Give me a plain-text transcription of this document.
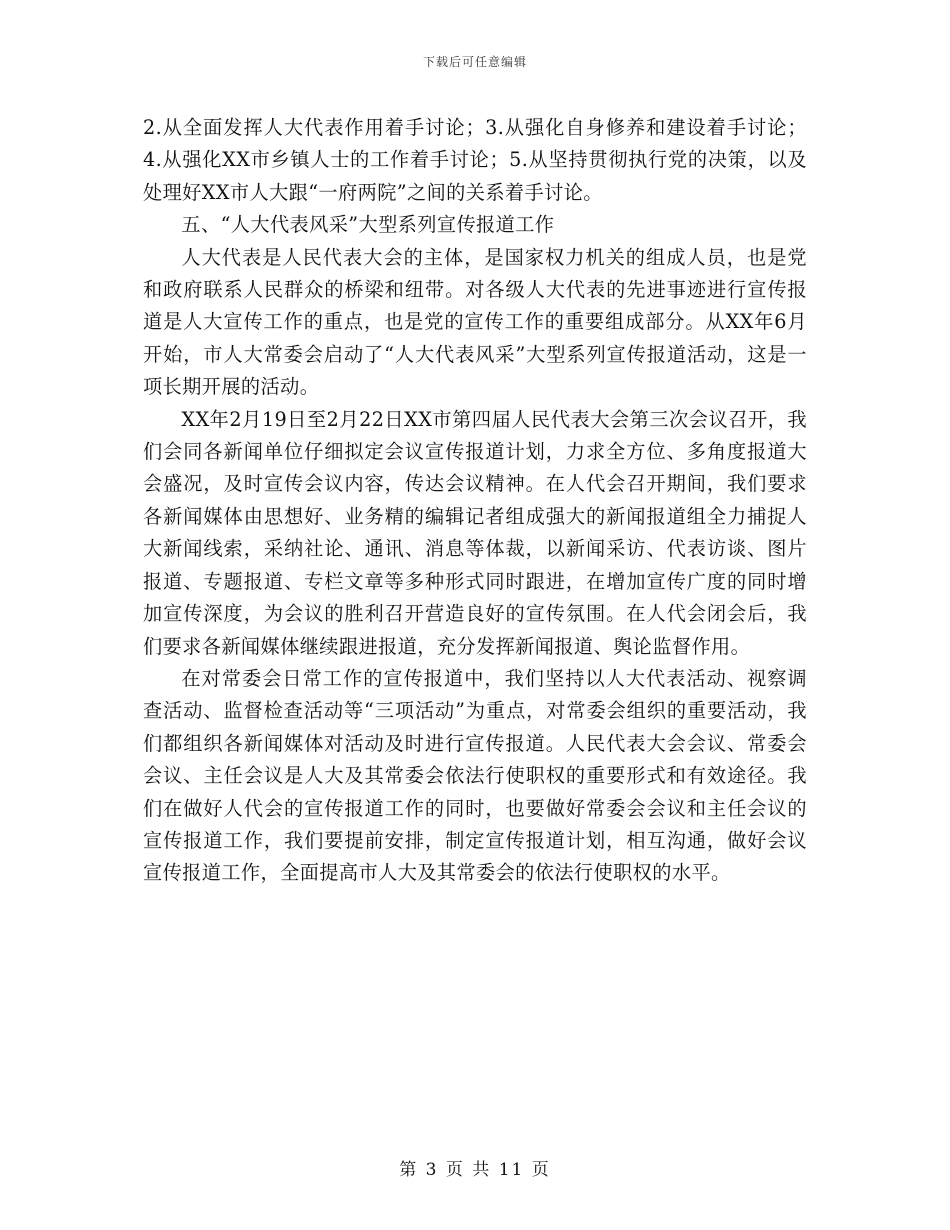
下载后可任意编辑

2.从全面发挥人大代表作用着手讨论；3.从强化自身修养和建设着手讨论；4.从强化XX市乡镇人士的工作着手讨论；5.从坚持贯彻执行党的决策，以及处理好XX市人大跟“一府两院”之间的关系着手讨论。

五、“人大代表风采”大型系列宣传报道工作

人大代表是人民代表大会的主体，是国家权力机关的组成人员，也是党和政府联系人民群众的桥梁和纽带。对各级人大代表的先进事迹进行宣传报道是人大宣传工作的重点，也是党的宣传工作的重要组成部分。从XX年6月开始，市人大常委会启动了“人大代表风采”大型系列宣传报道活动，这是一项长期开展的活动。

XX年2月19日至2月22日XX市第四届人民代表大会第三次会议召开，我们会同各新闻单位仔细拟定会议宣传报道计划，力求全方位、多角度报道大会盛况，及时宣传会议内容，传达会议精神。在人代会召开期间，我们要求各新闻媒体由思想好、业务精的编辑记者组成强大的新闻报道组全力捕捉人大新闻线索，采纳社论、通讯、消息等体裁，以新闻采访、代表访谈、图片报道、专题报道、专栏文章等多种形式同时跟进，在增加宣传广度的同时增加宣传深度，为会议的胜利召开营造良好的宣传氛围。在人代会闭会后，我们要求各新闻媒体继续跟进报道，充分发挥新闻报道、舆论监督作用。

在对常委会日常工作的宣传报道中，我们坚持以人大代表活动、视察调查活动、监督检查活动等“三项活动”为重点，对常委会组织的重要活动，我们都组织各新闻媒体对活动及时进行宣传报道。人民代表大会会议、常委会会议、主任会议是人大及其常委会依法行使职权的重要形式和有效途径。我们在做好人代会的宣传报道工作的同时，也要做好常委会会议和主任会议的宣传报道工作，我们要提前安排，制定宣传报道计划，相互沟通，做好会议宣传报道工作，全面提高市人大及其常委会的依法行使职权的水平。

第 3 页 共 11 页
